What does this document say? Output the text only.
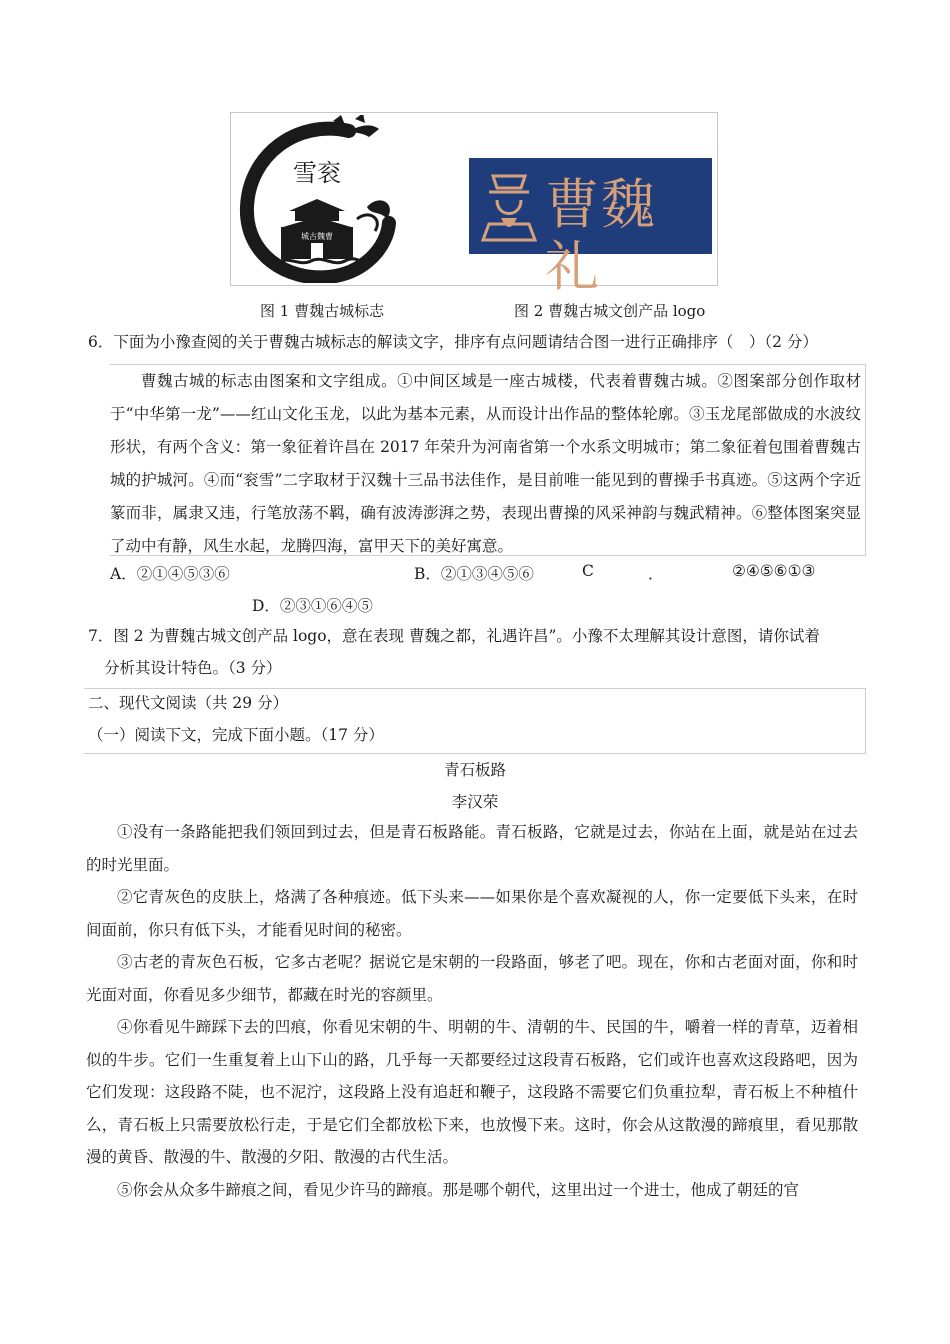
城古魏曹
雪衮	曹魏礼
图 1 曹魏古城标志	图 2 曹魏古城文创产品 logo
6．下面为小豫查阅的关于曹魏古城标志的解读文字，排序有点问题请结合图一进行正确排序（　）（2 分）
曹魏古城的标志由图案和文字组成。①中间区域是一座古城楼，代表着曹魏古城。②图案部分创作取材于“中华第一龙”——红山文化玉龙，以此为基本元素，从而设计出作品的整体轮廓。③玉龙尾部做成的水波纹形状，有两个含义：第一象征着许昌在 2017 年荣升为河南省第一个水系文明城市；第二象征着包围着曹魏古城的护城河。④而“衮雪”二字取材于汉魏十三品书法佳作，是目前唯一能见到的曹操手书真迹。⑤这两个字近篆而非，属隶又违，行笔放荡不羁，确有波涛澎湃之势，表现出曹操的风采神韵与魏武精神。⑥整体图案突显了动中有静，风生水起，龙腾四海，富甲天下的美好寓意。
A．②①④⑤③⑥	B．②①③④⑤⑥	C	．	②④⑤⑥①③
D．②③①⑥④⑤
7．图 2 为曹魏古城文创产品 logo，意在表现 曹魏之都，礼遇许昌”。小豫不太理解其设计意图，请你试着
分析其设计特色。（3 分）
二、现代文阅读（共 29 分）
（一）阅读下文，完成下面小题。（17 分）
青石板路
李汉荣

①没有一条路能把我们领回到过去，但是青石板路能。青石板路，它就是过去，你站在上面，就是站在过去的时光里面。

②它青灰色的皮肤上，烙满了各种痕迹。低下头来——如果你是个喜欢凝视的人，你一定要低下头来，在时间面前，你只有低下头，才能看见时间的秘密。

③古老的青灰色石板，它多古老呢？据说它是宋朝的一段路面，够老了吧。现在，你和古老面对面，你和时光面对面，你看见多少细节，都藏在时光的容颜里。

④你看见牛蹄踩下去的凹痕，你看见宋朝的牛、明朝的牛、清朝的牛、民国的牛，嚼着一样的青草，迈着相似的牛步。它们一生重复着上山下山的路，几乎每一天都要经过这段青石板路，它们或许也喜欢这段路吧，因为它们发现：这段路不陡，也不泥泞，这段路上没有追赶和鞭子，这段路不需要它们负重拉犁，青石板上不种植什么，青石板上只需要放松行走，于是它们全都放松下来，也放慢下来。这时，你会从这散漫的蹄痕里，看见那散漫的黄昏、散漫的牛、散漫的夕阳、散漫的古代生活。

⑤你会从众多牛蹄痕之间，看见少许马的蹄痕。那是哪个朝代，这里出过一个进士，他成了朝廷的官
